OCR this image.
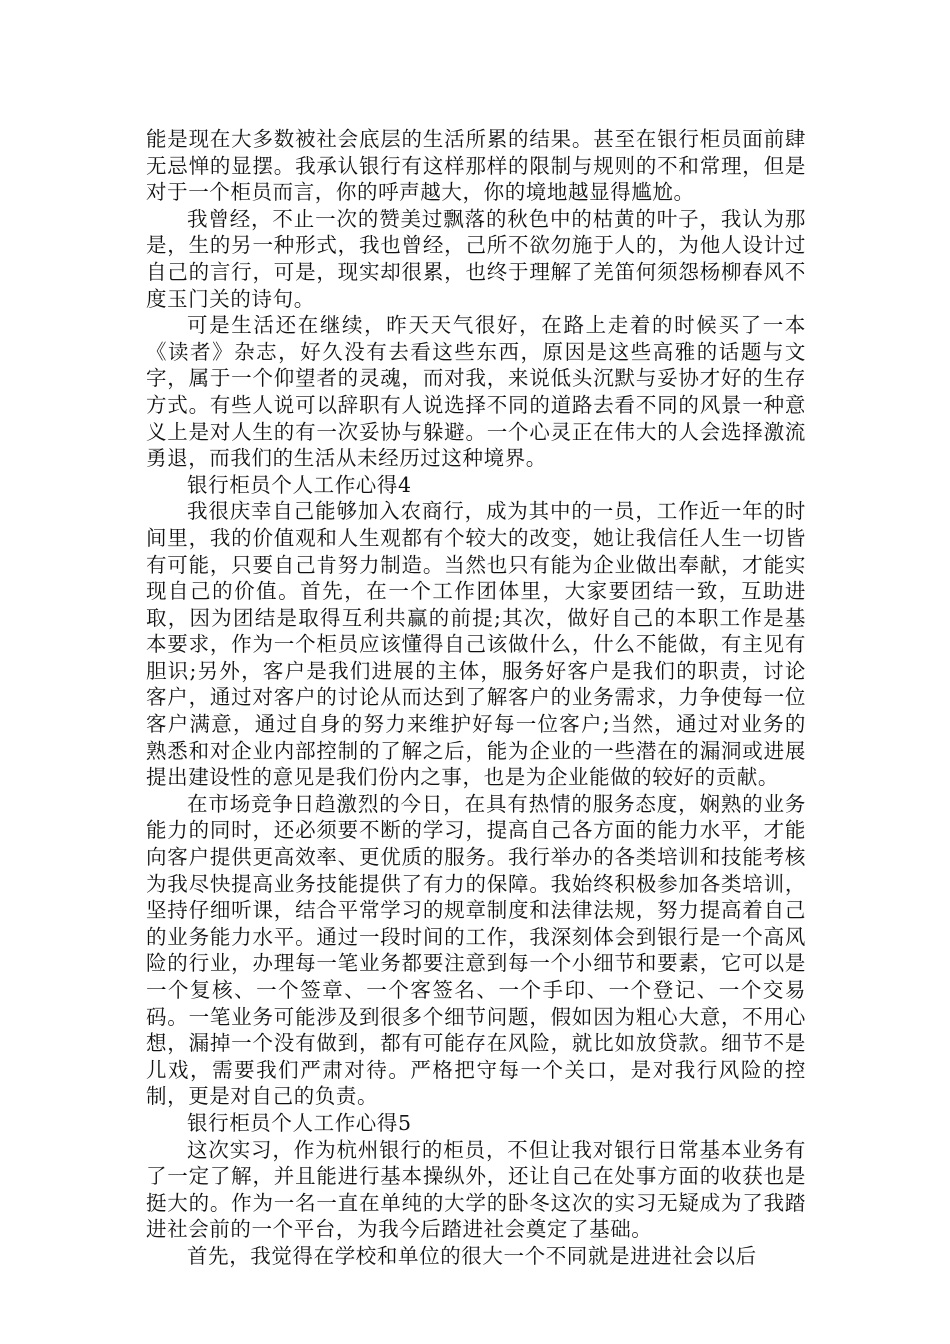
能是现在大多数被社会底层的生活所累的结果。甚至在银行柜员面前肆无忌惮的显摆。我承认银行有这样那样的限制与规则的不和常理，但是对于一个柜员而言，你的呼声越大，你的境地越显得尴尬。

我曾经，不止一次的赞美过飘落的秋色中的枯黄的叶子，我认为那是，生的另一种形式，我也曾经，己所不欲勿施于人的，为他人设计过自己的言行，可是，现实却很累，也终于理解了羌笛何须怨杨柳春风不度玉门关的诗句。

可是生活还在继续，昨天天气很好，在路上走着的时候买了一本《读者》杂志，好久没有去看这些东西，原因是这些高雅的话题与文字，属于一个仰望者的灵魂，而对我，来说低头沉默与妥协才好的生存方式。有些人说可以辞职有人说选择不同的道路去看不同的风景一种意义上是对人生的有一次妥协与躲避。一个心灵正在伟大的人会选择激流勇退，而我们的生活从未经历过这种境界。

银行柜员个人工作心得4

我很庆幸自己能够加入农商行，成为其中的一员，工作近一年的时间里，我的价值观和人生观都有个较大的改变，她让我信任人生一切皆有可能，只要自己肯努力制造。当然也只有能为企业做出奉献，才能实现自己的价值。首先，在一个工作团体里，大家要团结一致，互助进取，因为团结是取得互利共赢的前提;其次，做好自己的本职工作是基本要求，作为一个柜员应该懂得自己该做什么，什么不能做，有主见有胆识;另外，客户是我们进展的主体，服务好客户是我们的职责，讨论客户，通过对客户的讨论从而达到了解客户的业务需求，力争使每一位客户满意，通过自身的努力来维护好每一位客户;当然，通过对业务的熟悉和对企业内部控制的了解之后，能为企业的一些潜在的漏洞或进展提出建设性的意见是我们份内之事，也是为企业能做的较好的贡献。

在市场竞争日趋激烈的今日，在具有热情的服务态度，娴熟的业务能力的同时，还必须要不断的学习，提高自己各方面的能力水平，才能向客户提供更高效率、更优质的服务。我行举办的各类培训和技能考核为我尽快提高业务技能提供了有力的保障。我始终积极参加各类培训，坚持仔细听课，结合平常学习的规章制度和法律法规，努力提高着自己的业务能力水平。通过一段时间的工作，我深刻体会到银行是一个高风险的行业，办理每一笔业务都要注意到每一个小细节和要素，它可以是一个复核、一个签章、一个客签名、一个手印、一个登记、一个交易码。一笔业务可能涉及到很多个细节问题，假如因为粗心大意，不用心想，漏掉一个没有做到，都有可能存在风险，就比如放贷款。细节不是儿戏，需要我们严肃对待。严格把守每一个关口，是对我行风险的控制，更是对自己的负责。

银行柜员个人工作心得5

这次实习，作为杭州银行的柜员，不但让我对银行日常基本业务有了一定了解，并且能进行基本操纵外，还让自己在处事方面的收获也是挺大的。作为一名一直在单纯的大学的卧冬这次的实习无疑成为了我踏进社会前的一个平台，为我今后踏进社会奠定了基础。

首先，我觉得在学校和单位的很大一个不同就是进进社会以后
